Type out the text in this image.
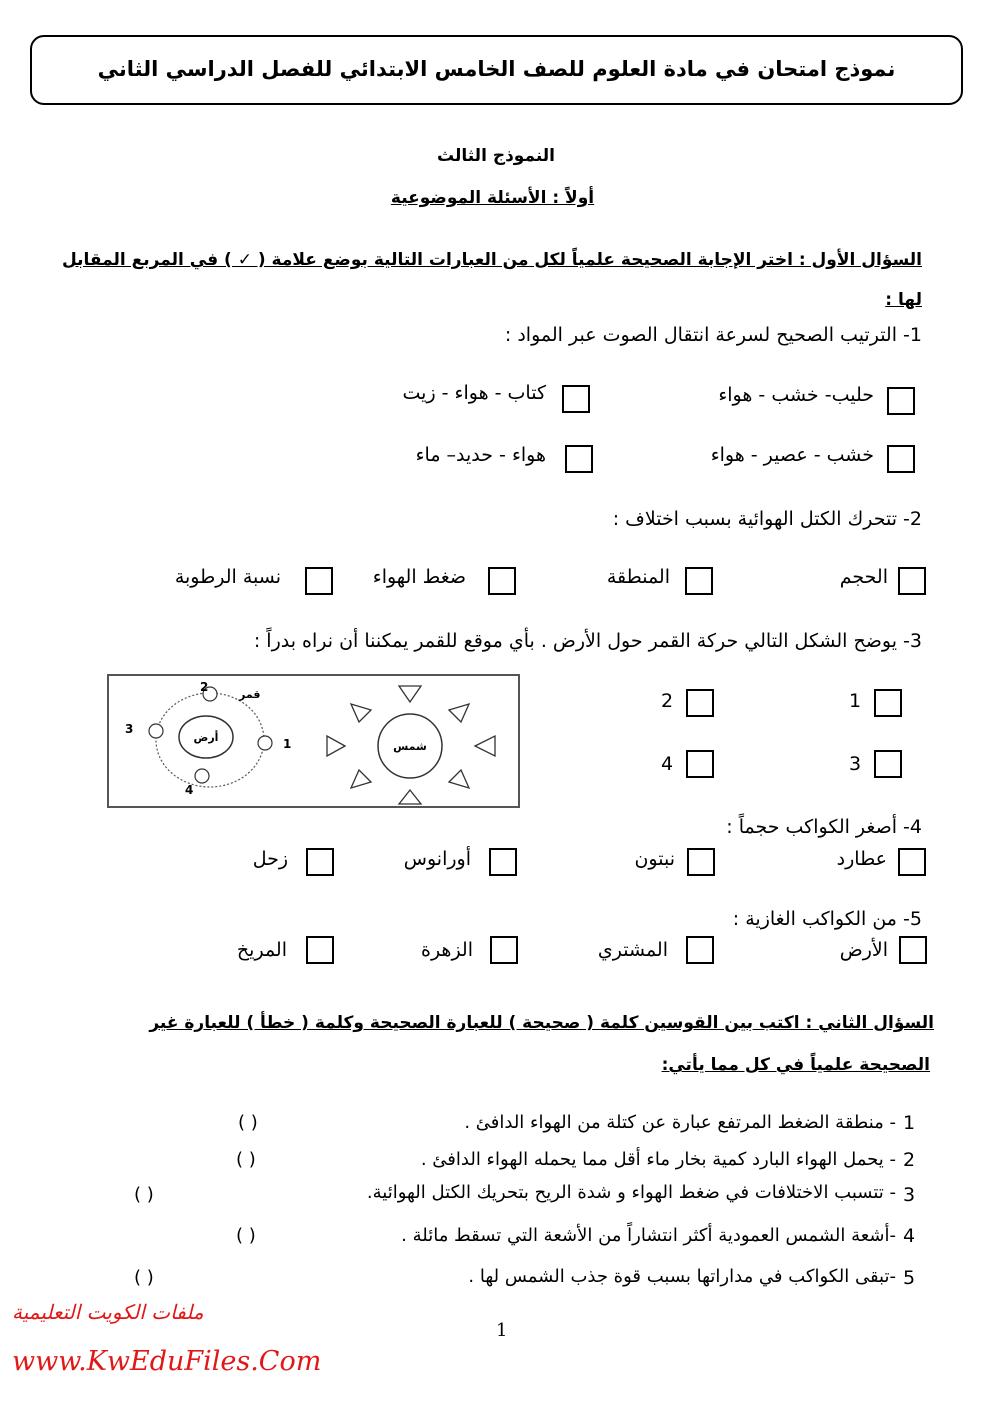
نموذج امتحان في مادة العلوم للصف الخامس الابتدائي للفصل الدراسي الثاني
النموذج الثالث
أولاً : الأسئلة الموضوعية
السؤال الأول : اختر الإجابة الصحيحة علمياً لكل من العبارات التالية بوضع علامة ( ✓ ) في المربع المقابل
لها :
1- الترتيب الصحيح لسرعة انتقال الصوت عبر المواد :
حليب- خشب - هواء
كتاب - هواء - زيت
خشب - عصير - هواء
هواء - حديد– ماء
2- تتحرك الكتل الهوائية بسبب اختلاف :
الحجم
المنطقة
ضغط الهواء
نسبة الرطوبة
3- يوضح الشكل التالي حركة القمر حول الأرض . بأي موقع للقمر يمكننا أن نراه بدراً :
شمس
أرض	1
2
3
4
قمر	1
2
3
4
4- أصغر الكواكب حجماً :
عطارد
نبتون
أورانوس
زحل
5- من الكواكب الغازية :
الأرض
المشتري
الزهرة
المريخ
السؤال الثاني : اكتب بين القوسين كلمة ( صحيحة ) للعبارة الصحيحة وكلمة ( خطأ ) للعبارة غير
الصحيحة علمياً في كل مما يأتي:
1
- منطقة الضغط المرتفع عبارة عن كتلة من الهواء الدافئ .
( )
2
- يحمل الهواء البارد كمية بخار ماء أقل مما يحمله الهواء الدافئ .
( )
3
- تتسبب الاختلافات في ضغط الهواء و شدة الريح بتحريك الكتل الهوائية.
( )
4
-أشعة الشمس العمودية أكثر انتشاراً من الأشعة التي تسقط مائلة .
( )
5
-تبقى الكواكب في مداراتها بسبب قوة جذب الشمس لها .
( )
ملفات الكويت التعليمية
1
www.KwEduFiles.Com
